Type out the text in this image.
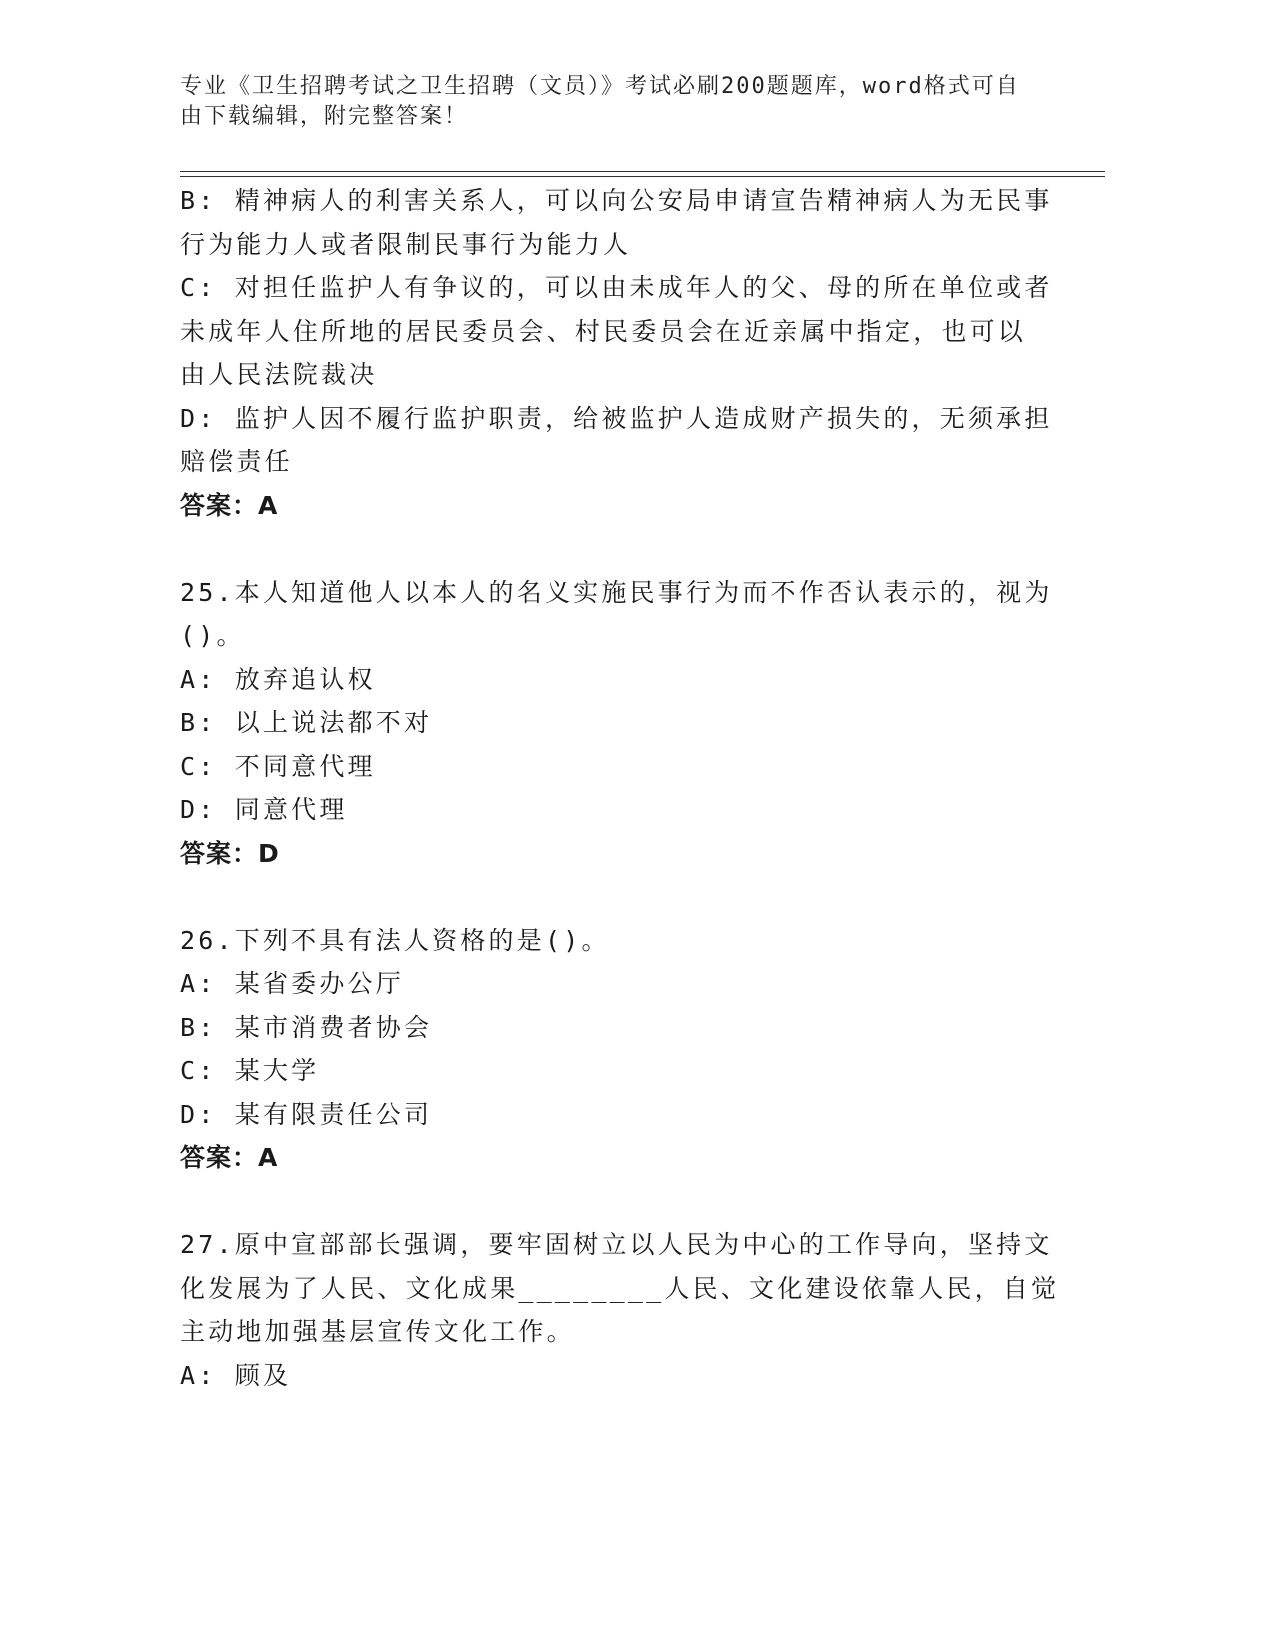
专业《卫生招聘考试之卫生招聘（文员）》考试必刷200题题库，word格式可自
由下载编辑，附完整答案！
B: 精神病人的利害关系人，可以向公安局申请宣告精神病人为无民事
行为能力人或者限制民事行为能力人
C: 对担任监护人有争议的，可以由未成年人的父、母的所在单位或者
未成年人住所地的居民委员会、村民委员会在近亲属中指定，也可以
由人民法院裁决
D: 监护人因不履行监护职责，给被监护人造成财产损失的，无须承担
赔偿责任
答案：A
25.本人知道他人以本人的名义实施民事行为而不作否认表示的，视为
()。
A: 放弃追认权
B: 以上说法都不对
C: 不同意代理
D: 同意代理
答案：D
26.下列不具有法人资格的是()。
A: 某省委办公厅
B: 某市消费者协会
C: 某大学
D: 某有限责任公司
答案：A
27.原中宣部部长强调，要牢固树立以人民为中心的工作导向，坚持文
化发展为了人民、文化成果________人民、文化建设依靠人民，自觉
主动地加强基层宣传文化工作。
A: 顾及
